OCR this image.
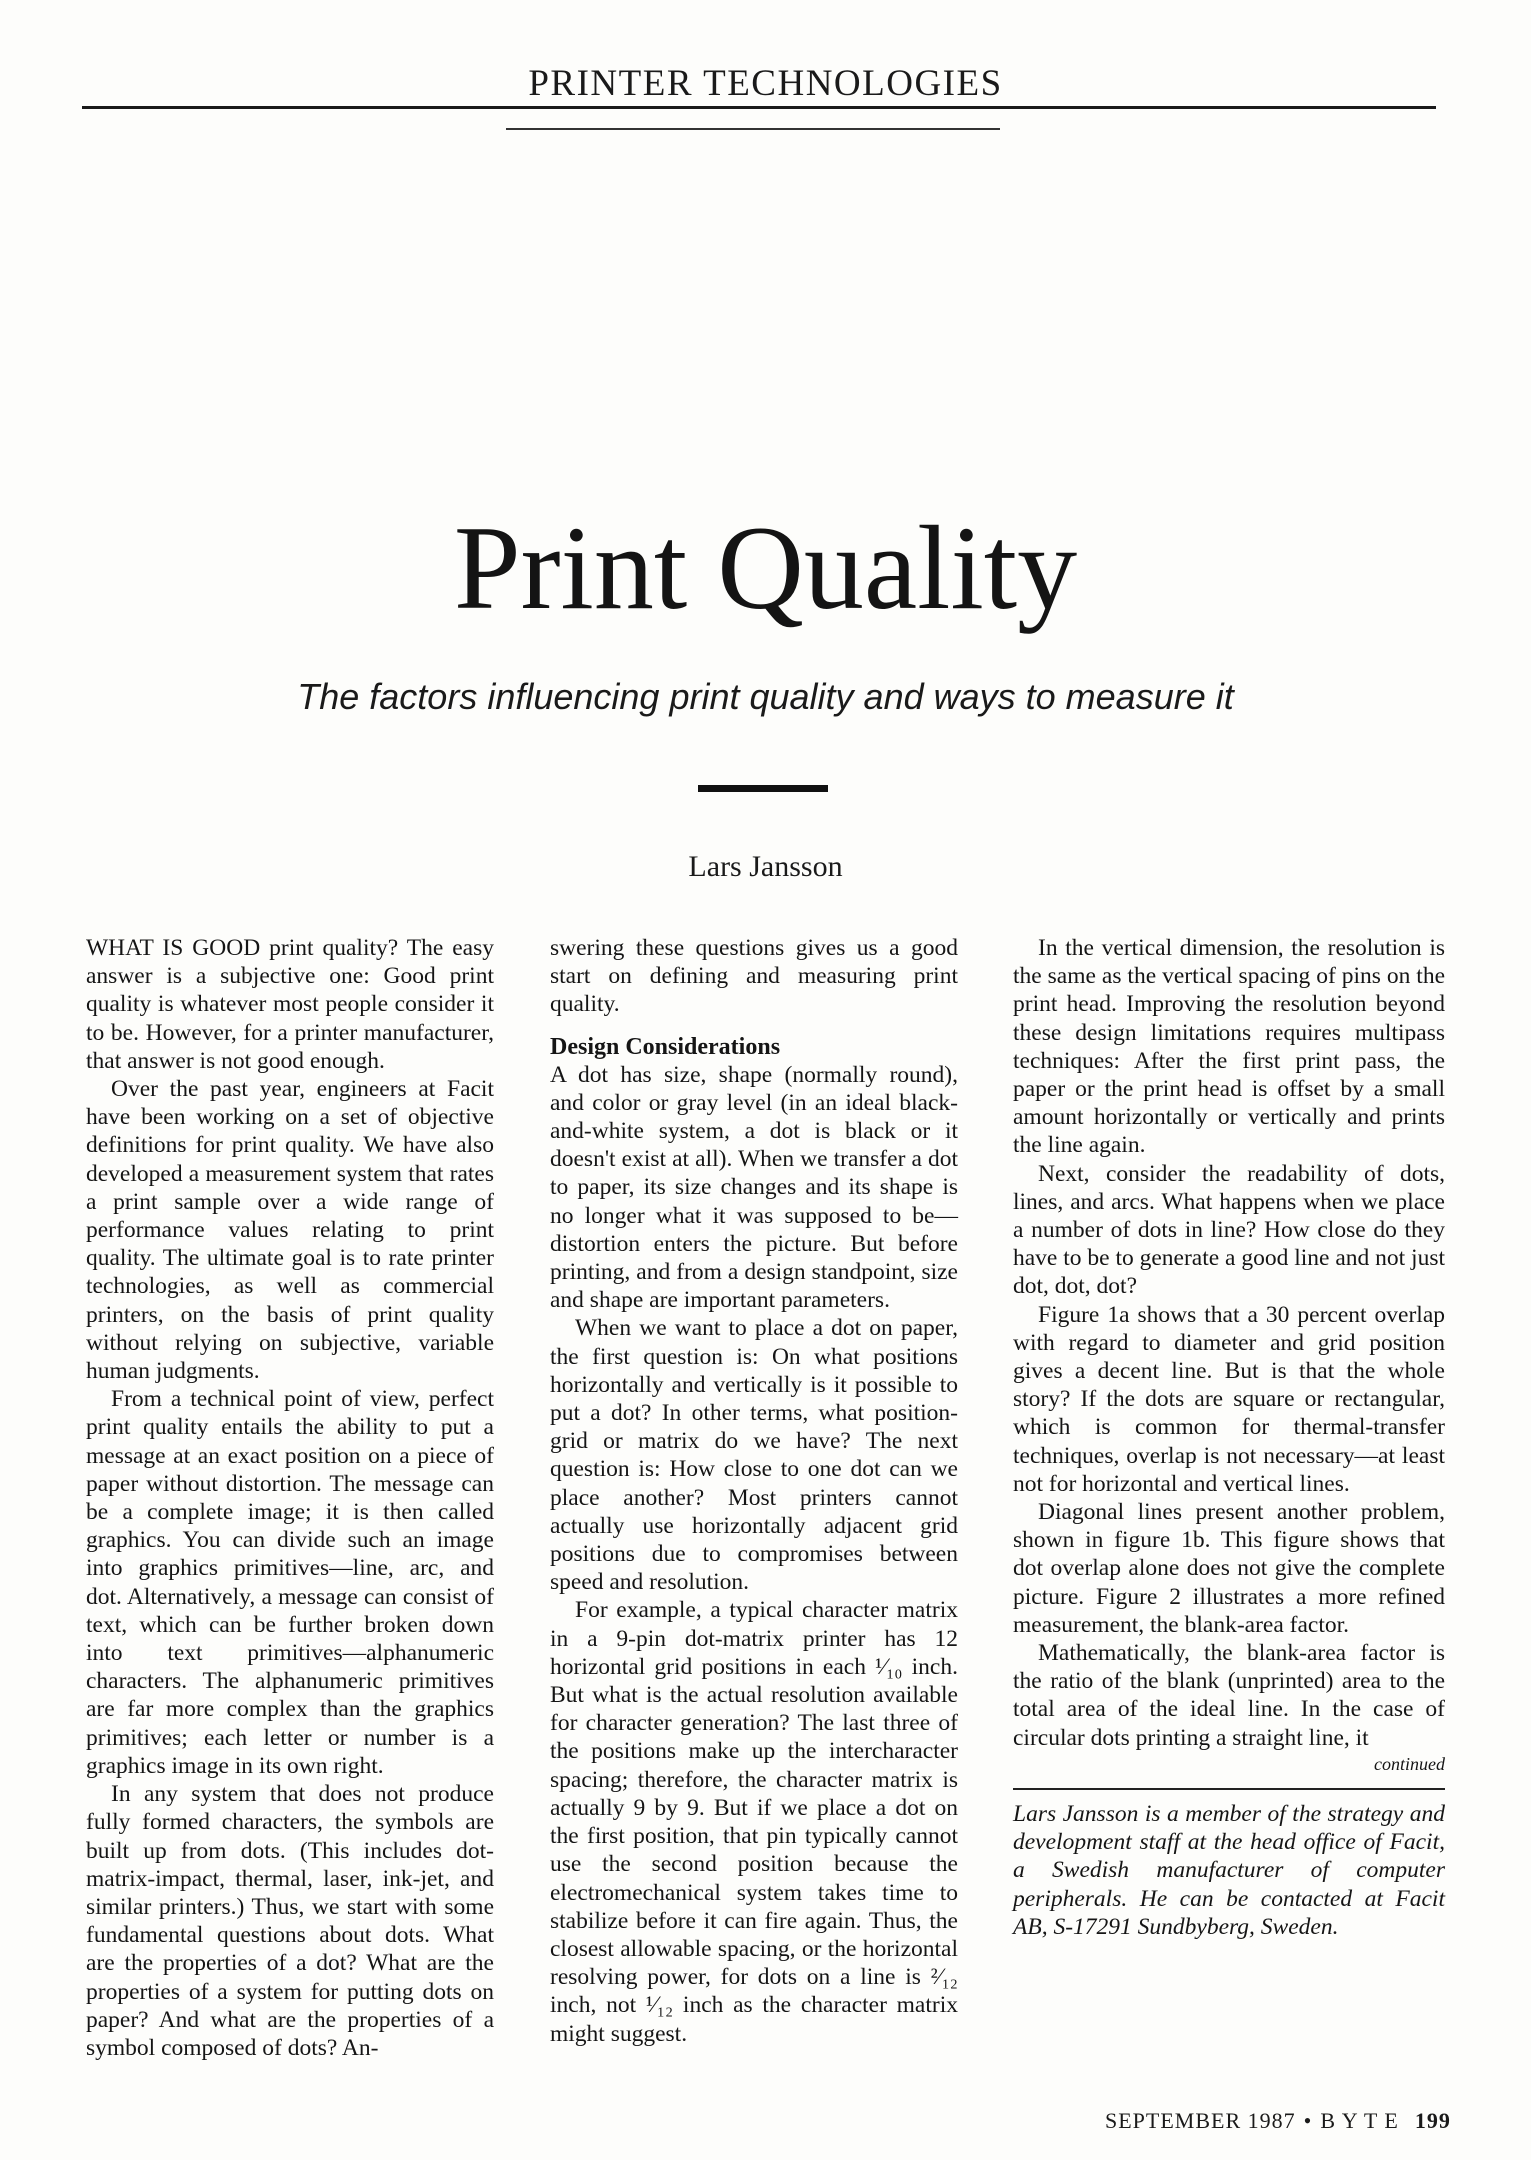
PRINTER TECHNOLOGIES
Print Quality
The factors influencing print quality and ways to measure it
Lars Jansson

WHAT IS GOOD print quality? The easy answer is a subjective one: Good print quality is whatever most people consider it to be. However, for a printer manufacturer, that answer is not good enough.

Over the past year, engineers at Facit have been working on a set of objective definitions for print quality. We have also developed a measurement system that rates a print sample over a wide range of performance values relating to print quality. The ultimate goal is to rate printer technologies, as well as commercial printers, on the basis of print quality without relying on subjective, variable human judgments.

From a technical point of view, perfect print quality entails the ability to put a message at an exact position on a piece of paper without distortion. The message can be a complete image; it is then called graphics. You can divide such an image into graphics primitives—line, arc, and dot. Alternatively, a message can consist of text, which can be further broken down into text primitives—alphanumeric characters. The alphanumeric primitives are far more complex than the graphics primitives; each letter or number is a graphics image in its own right.

In any system that does not produce fully formed characters, the symbols are built up from dots. (This includes dot-matrix-impact, thermal, laser, ink-jet, and similar printers.) Thus, we start with some fundamental questions about dots. What are the properties of a dot? What are the properties of a system for putting dots on paper? And what are the properties of a symbol composed of dots? An-

swering these questions gives us a good start on defining and measuring print quality.

Design Considerations

A dot has size, shape (normally round), and color or gray level (in an ideal black-and-white system, a dot is black or it doesn't exist at all). When we transfer a dot to paper, its size changes and its shape is no longer what it was supposed to be—distortion enters the picture. But before printing, and from a design standpoint, size and shape are important parameters.

When we want to place a dot on paper, the first question is: On what positions horizontally and vertically is it possible to put a dot? In other terms, what position-grid or matrix do we have? The next question is: How close to one dot can we place another? Most printers cannot actually use horizontally adjacent grid positions due to compromises between speed and resolution.

For example, a typical character matrix in a 9-pin dot-matrix printer has 12 horizontal grid positions in each ¹⁄₁₀ inch. But what is the actual resolution available for character generation? The last three of the positions make up the intercharacter spacing; therefore, the character matrix is actually 9 by 9. But if we place a dot on the first position, that pin typically cannot use the second position because the electromechanical system takes time to stabilize before it can fire again. Thus, the closest allowable spacing, or the horizontal resolving power, for dots on a line is ²⁄₁₂ inch, not ¹⁄₁₂ inch as the character matrix might suggest.

In the vertical dimension, the resolution is the same as the vertical spacing of pins on the print head. Improving the resolution beyond these design limitations requires multipass techniques: After the first print pass, the paper or the print head is offset by a small amount horizontally or vertically and prints the line again.

Next, consider the readability of dots, lines, and arcs. What happens when we place a number of dots in line? How close do they have to be to generate a good line and not just dot, dot, dot?

Figure 1a shows that a 30 percent overlap with regard to diameter and grid position gives a decent line. But is that the whole story? If the dots are square or rectangular, which is common for thermal-transfer techniques, overlap is not necessary—at least not for horizontal and vertical lines.

Diagonal lines present another problem, shown in figure 1b. This figure shows that dot overlap alone does not give the complete picture. Figure 2 illustrates a more refined measurement, the blank-area factor.

Mathematically, the blank-area factor is the ratio of the blank (unprinted) area to the total area of the ideal line. In the case of circular dots printing a straight line, it

continued
Lars Jansson is a member of the strategy and development staff at the head office of Facit, a Swedish manufacturer of computer peripherals. He can be contacted at Facit AB, S-17291 Sundbyberg, Sweden.
SEPTEMBER 1987 • B Y T E 199
